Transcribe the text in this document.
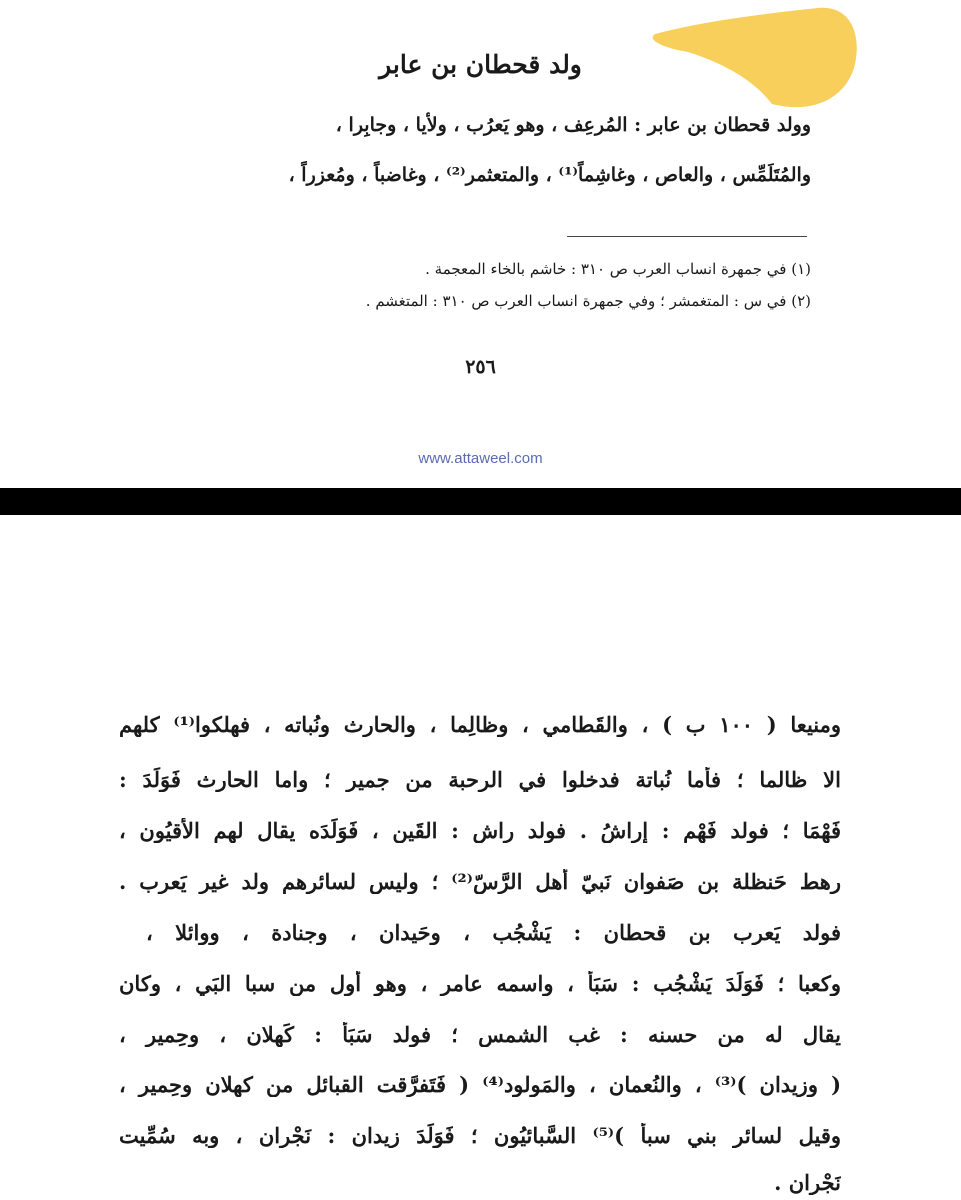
ولد قحطان بن عابر
وولد قحطان بن عابر : المُرعِف ، وهو يَعرُب ، ولأيا ، وجابِرا ،
والمُتَلَمِّس ، والعاص ، وغاشِماً⁽¹⁾ ، والمتعثمر⁽²⁾ ، وغاضباً ، ومُعزراً ،
(١) في جمهرة انساب العرب ص ٣١٠ : خاشم بالخاء المعجمة .
(٢) في س : المتغمشر ؛ وفي جمهرة انساب العرب ص ٣١٠ : المتغشم .
٢٥٦
www.attaweel.com
ومنيعا ( ١٠٠ ب ) ، والقَطامي ، وظالِما ، والحارث ونُباته ، فهلكوا⁽¹⁾ كلهم
الا ظالما ؛ فأما نُباتة فدخلوا في الرحبة من جمير ؛ واما الحارث فَوَلَدَ :
فَهْمَا ؛ فولد فَهْم : إراشُ . فولد راش : القَين ، فَوَلَدَه يقال لهم الأقيُون ،
رهط حَنظلة بن صَفوان نَبيّ أهل الرَّسّ⁽²⁾ ؛ وليس لسائرهم ولد غير يَعرب .
فولد يَعرب بن قحطان : يَشْجُب ، وحَيدان ، وجنادة ، ووائلا ،
وكعبا ؛ فَوَلَدَ يَشْجُب : سَبَأ ، واسمه عامر ، وهو أول من سبا البَي ، وكان
يقال له من حسنه : غب الشمس ؛ فولد سَبَأ : كَهلان ، وحِمير ،
( وزيدان )⁽³⁾ ، والنُعمان ، والمَولود⁽⁴⁾ ( فَتَفرَّقت القبائل من كهلان وحِمير ،
وقيل لسائر بني سبأ )⁽⁵⁾ السَّبائيُون ؛ فَوَلَدَ زيدان : نَجْران ، وبه سُمِّيت
نَجْران .
